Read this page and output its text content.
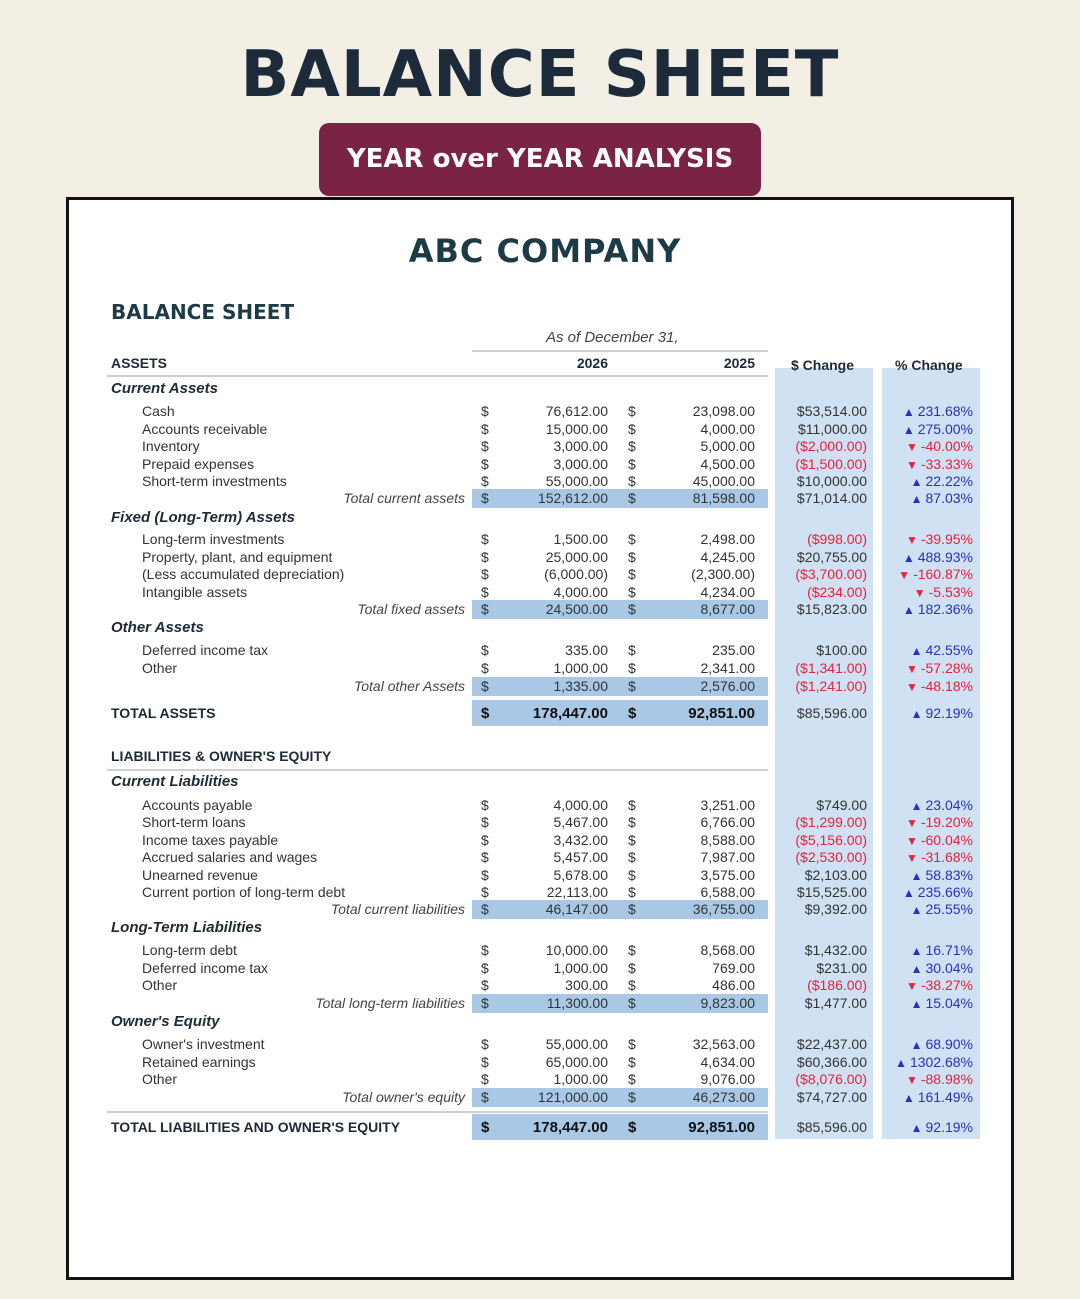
BALANCE SHEET
YEAR over YEAR ANALYSIS
ABC COMPANY
BALANCE SHEET
As of December 31,
ASSETS	2026	2025	$ Change	% Change
Current Assets
Cash	$	76,612.00 $	23,098.00	$53,514.00	▲ 231.68%
Accounts receivable	$	15,000.00 $	4,000.00	$11,000.00	▲ 275.00%
Inventory	$	3,000.00 $	5,000.00	($2,000.00)	▼ -40.00%
Prepaid expenses	$	3,000.00 $	4,500.00	($1,500.00)	▼ -33.33%
Short-term investments	$	55,000.00 $	45,000.00	$10,000.00	▲ 22.22%
Total current assets $	152,612.00 $	81,598.00	$71,014.00	▲ 87.03%
Fixed (Long-Term) Assets
Long-term investments	$	1,500.00 $	2,498.00	($998.00)	▼ -39.95%
Property, plant, and equipment	$	25,000.00 $	4,245.00	$20,755.00	▲ 488.93%
(Less accumulated depreciation)	$	(6,000.00) $	(2,300.00)	($3,700.00)	▼ -160.87%
Intangible assets	$	4,000.00 $	4,234.00	($234.00)	▼ -5.53%
Total fixed assets $	24,500.00 $	8,677.00	$15,823.00	▲ 182.36%
Other Assets
Deferred income tax	$	335.00 $	235.00	$100.00	▲ 42.55%
Other	$	1,000.00 $	2,341.00	($1,341.00)	▼ -57.28%
Total other Assets $	1,335.00 $	2,576.00	($1,241.00)	▼ -48.18%
TOTAL ASSETS	$	178,447.00 $	92,851.00	$85,596.00	▲ 92.19%
LIABILITIES & OWNER'S EQUITY
Current Liabilities
Accounts payable	$	4,000.00 $	3,251.00	$749.00	▲ 23.04%
Short-term loans	$	5,467.00 $	6,766.00	($1,299.00)	▼ -19.20%
Income taxes payable	$	3,432.00 $	8,588.00	($5,156.00)	▼ -60.04%
Accrued salaries and wages	$	5,457.00 $	7,987.00	($2,530.00)	▼ -31.68%
Unearned revenue	$	5,678.00 $	3,575.00	$2,103.00	▲ 58.83%
Current portion of long-term debt	$	22,113.00 $	6,588.00	$15,525.00	▲ 235.66%
Total current liabilities $	46,147.00 $	36,755.00	$9,392.00	▲ 25.55%
Long-Term Liabilities
Long-term debt	$	10,000.00 $	8,568.00	$1,432.00	▲ 16.71%
Deferred income tax	$	1,000.00 $	769.00	$231.00	▲ 30.04%
Other	$	300.00 $	486.00	($186.00)	▼ -38.27%
Total long-term liabilities $	11,300.00 $	9,823.00	$1,477.00	▲ 15.04%
Owner's Equity
Owner's investment	$	55,000.00 $	32,563.00	$22,437.00	▲ 68.90%
Retained earnings	$	65,000.00 $	4,634.00	$60,366.00 ▲ 1302.68%
Other	$	1,000.00 $	9,076.00	($8,076.00)	▼ -88.98%
Total owner's equity $	121,000.00 $	46,273.00	$74,727.00	▲ 161.49%
TOTAL LIABILITIES AND OWNER'S EQUITY	$	178,447.00 $	92,851.00	$85,596.00	▲ 92.19%
